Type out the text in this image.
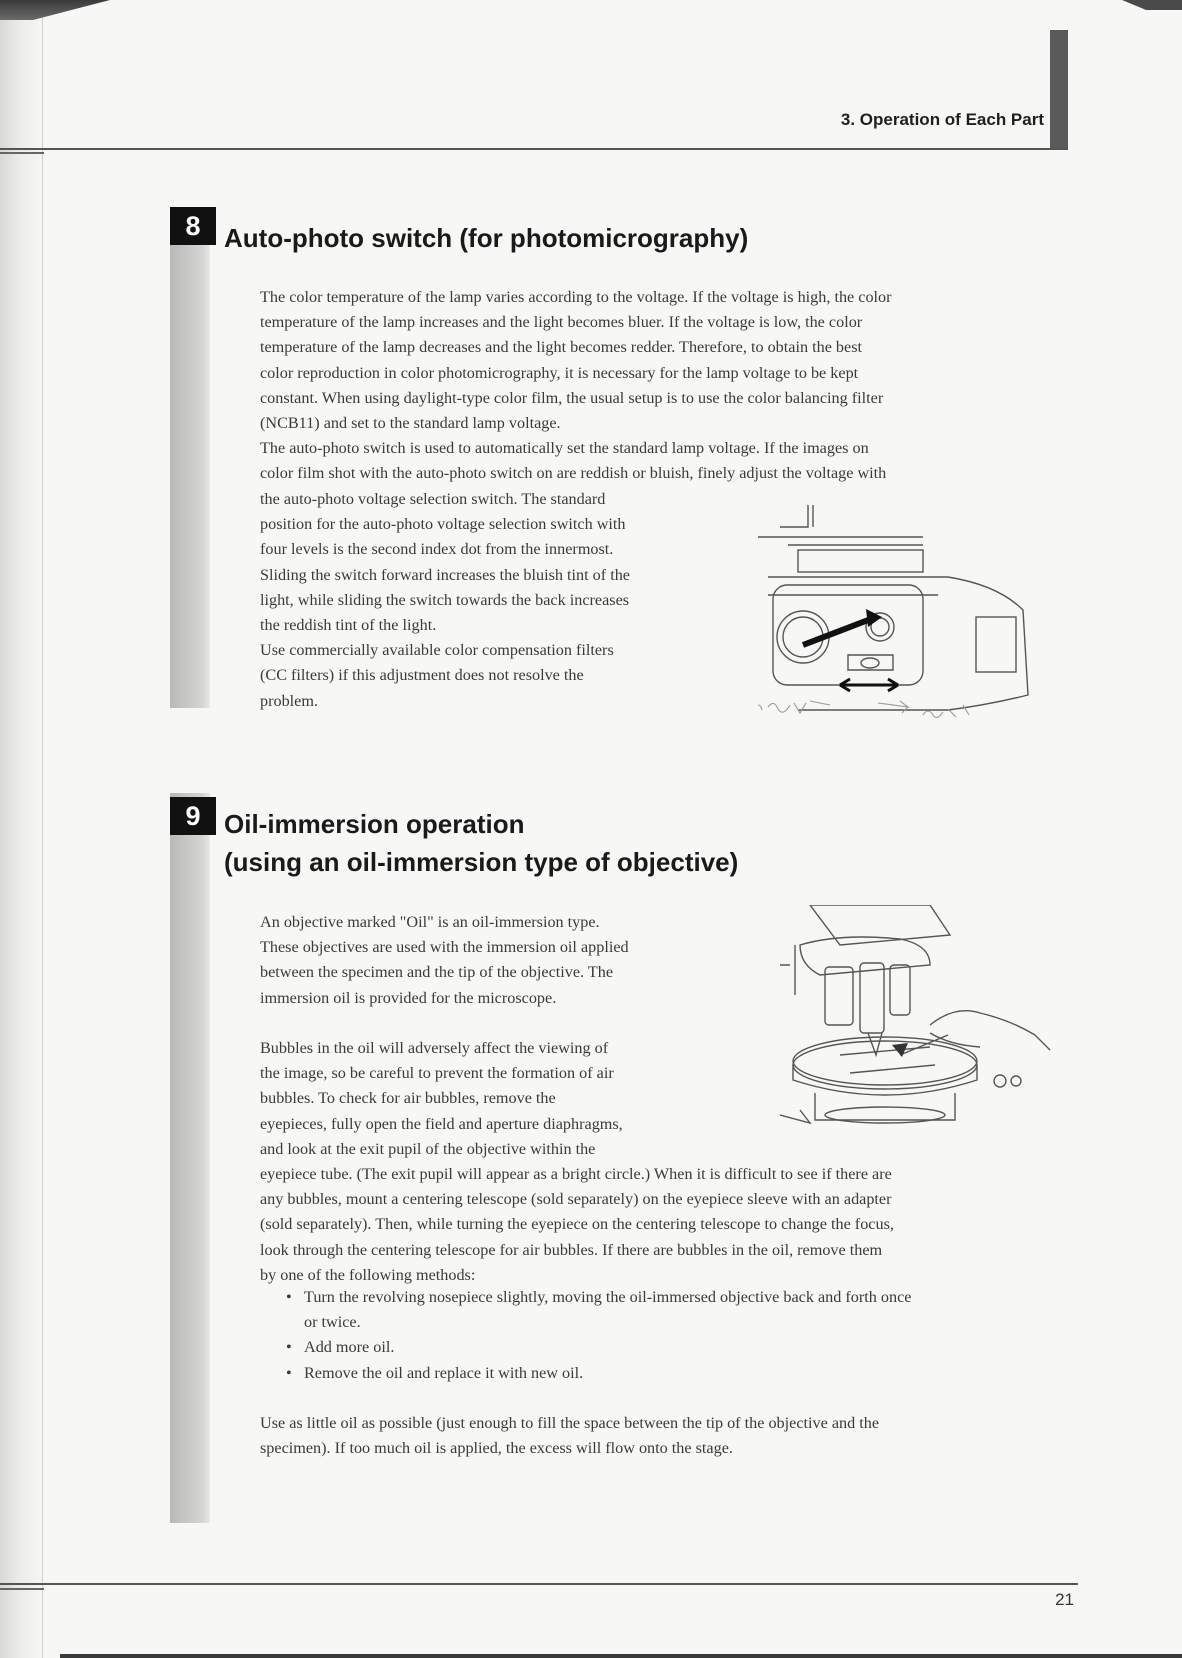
3. Operation of Each Part
8 Auto-photo switch (for photomicrography)
The color temperature of the lamp varies according to the voltage. If the voltage is high, the color
temperature of the lamp increases and the light becomes bluer. If the voltage is low, the color
temperature of the lamp decreases and the light becomes redder. Therefore, to obtain the best
color reproduction in color photomicrography, it is necessary for the lamp voltage to be kept
constant. When using daylight-type color film, the usual setup is to use the color balancing filter
(NCB11) and set to the standard lamp voltage.
The auto-photo switch is used to automatically set the standard lamp voltage. If the images on
color film shot with the auto-photo switch on are reddish or bluish, finely adjust the voltage with
the auto-photo voltage selection switch. The standard
position for the auto-photo voltage selection switch with
four levels is the second index dot from the innermost.
Sliding the switch forward increases the bluish tint of the
light, while sliding the switch towards the back increases
the reddish tint of the light.
Use commercially available color compensation filters
(CC filters) if this adjustment does not resolve the
problem.
9 Oil-immersion operation
(using an oil-immersion type of objective)
An objective marked "Oil" is an oil-immersion type.
These objectives are used with the immersion oil applied
between the specimen and the tip of the objective. The
immersion oil is provided for the microscope.
Bubbles in the oil will adversely affect the viewing of
the image, so be careful to prevent the formation of air
bubbles. To check for air bubbles, remove the
eyepieces, fully open the field and aperture diaphragms,
and look at the exit pupil of the objective within the
eyepiece tube. (The exit pupil will appear as a bright circle.) When it is difficult to see if there are
any bubbles, mount a centering telescope (sold separately) on the eyepiece sleeve with an adapter
(sold separately). Then, while turning the eyepiece on the centering telescope to change the focus,
look through the centering telescope for air bubbles. If there are bubbles in the oil, remove them
by one of the following methods:
• Turn the revolving nosepiece slightly, moving the oil-immersed objective back and forth once
or twice.
• Add more oil.
• Remove the oil and replace it with new oil.
Use as little oil as possible (just enough to fill the space between the tip of the objective and the
specimen). If too much oil is applied, the excess will flow onto the stage.
21
